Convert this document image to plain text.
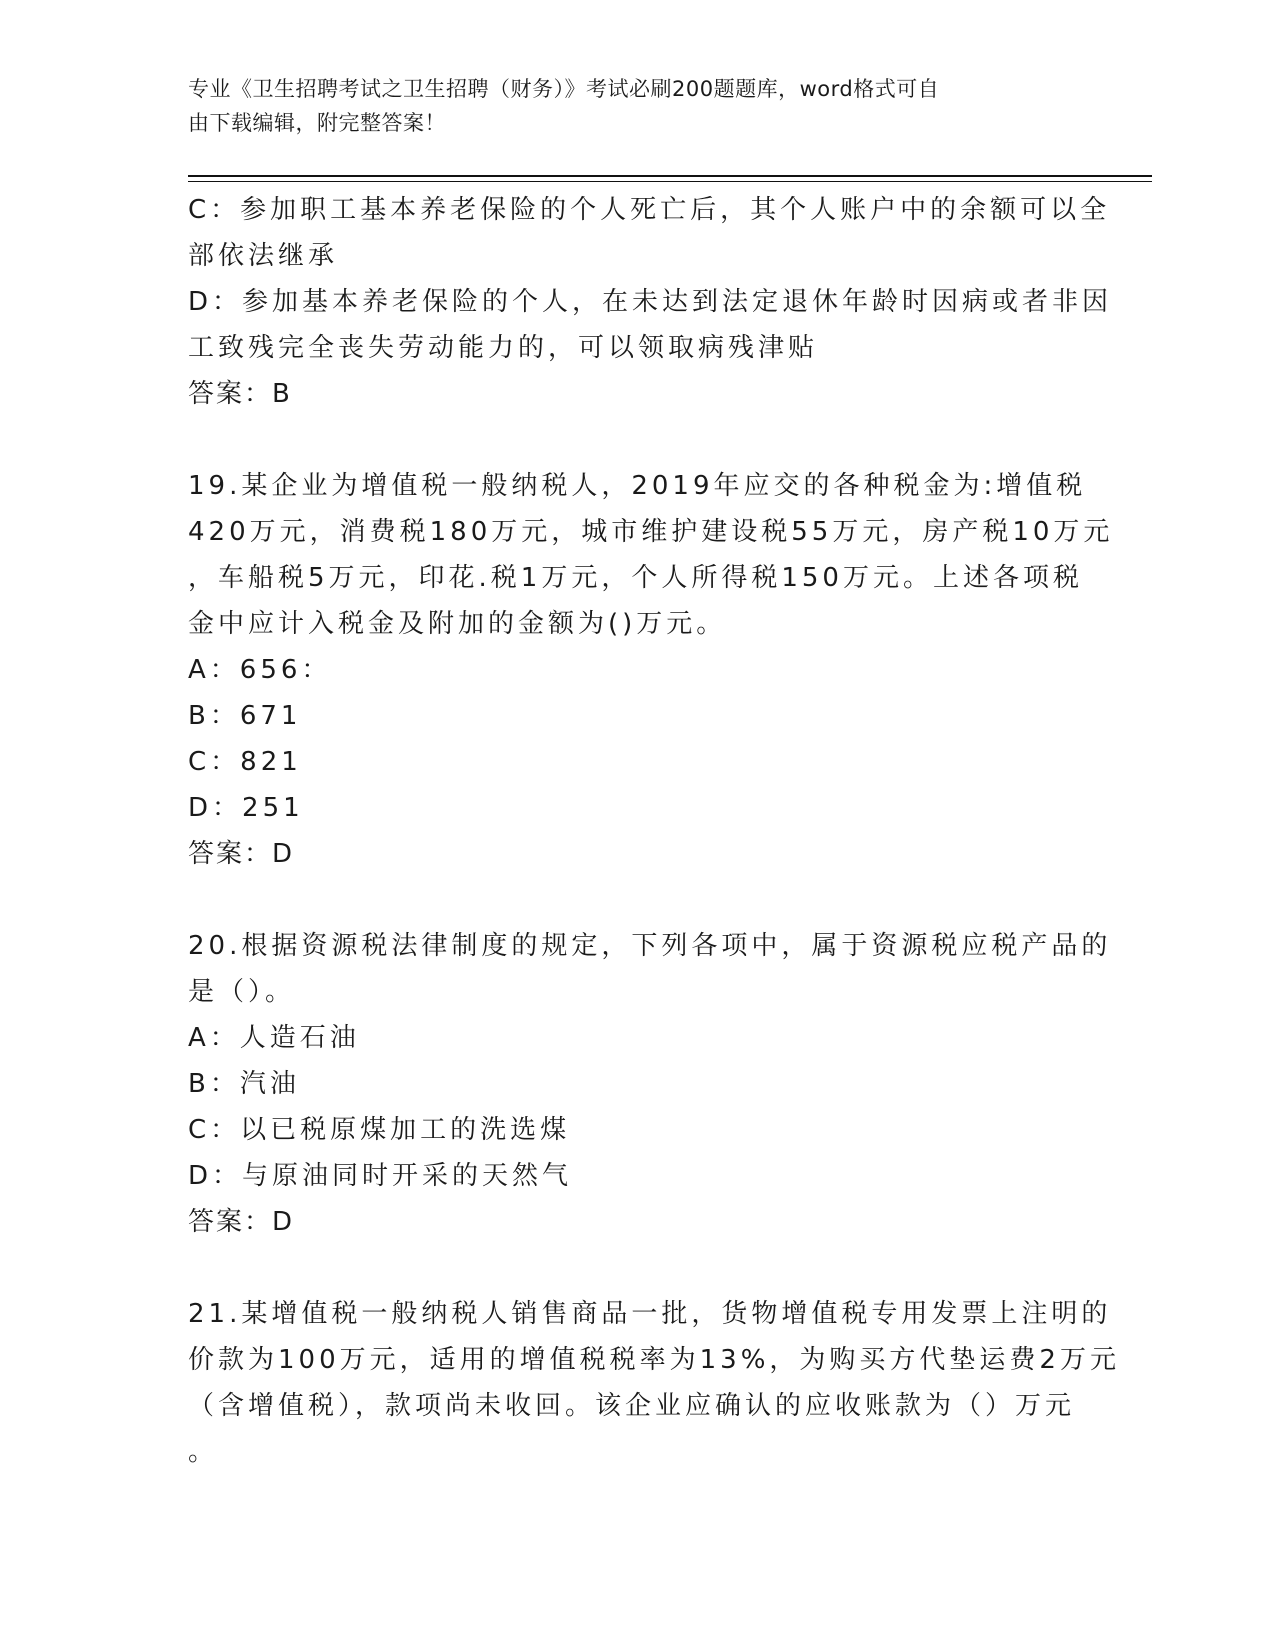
专业《卫生招聘考试之卫生招聘（财务）》考试必刷200题题库，word格式可自
由下载编辑，附完整答案！
C：参加职工基本养老保险的个人死亡后，其个人账户中的余额可以全
部依法继承
D：参加基本养老保险的个人，在未达到法定退休年龄时因病或者非因
工致残完全丧失劳动能力的，可以领取病残津贴
答案：B
19.某企业为增值税一般纳税人，2019年应交的各种税金为:增值税
420万元，消费税180万元，城市维护建设税55万元，房产税10万元
，车船税5万元，印花.税1万元，个人所得税150万元。上述各项税
金中应计入税金及附加的金额为()万元。
A：656：
B：671
C：821
D：251
答案：D
20.根据资源税法律制度的规定，下列各项中，属于资源税应税产品的
是（）。
A：人造石油
B：汽油
C：以已税原煤加工的洗选煤
D：与原油同时开采的天然气
答案：D
21.某增值税一般纳税人销售商品一批，货物增值税专用发票上注明的
价款为100万元，适用的增值税税率为13%，为购买方代垫运费2万元
（含增值税），款项尚未收回。该企业应确认的应收账款为（）万元
。
